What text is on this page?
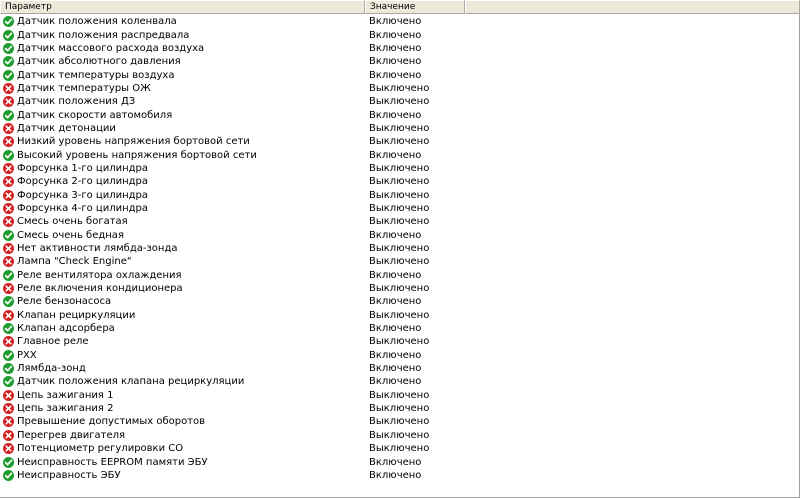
Параметр	Значение
Датчик положения коленвала	Включено
Датчик положения распредвала	Включено
Датчик массового расхода воздуха	Включено
Датчик абсолютного давления	Включено
Датчик температуры воздуха	Включено
Датчик температуры ОЖ	Выключено
Датчик положения ДЗ	Выключено
Датчик скорости автомобиля	Включено
Датчик детонации	Выключено
Низкий уровень напряжения бортовой сети	Выключено
Высокий уровень напряжения бортовой сети	Включено
Форсунка 1-го цилиндра	Выключено
Форсунка 2-го цилиндра	Выключено
Форсунка 3-го цилиндра	Выключено
Форсунка 4-го цилиндра	Выключено
Смесь очень богатая	Выключено
Смесь очень бедная	Включено
Нет активности лямбда-зонда	Выключено
Лампа "Check Engine"	Выключено
Реле вентилятора охлаждения	Включено
Реле включения кондиционера	Выключено
Реле бензонасоса	Включено
Клапан рециркуляции	Выключено
Клапан адсорбера	Включено
Главное реле	Выключено
РХХ	Включено
Лямбда-зонд	Включено
Датчик положения клапана рециркуляции	Включено
Цепь зажигания 1	Выключено
Цепь зажигания 2	Выключено
Превышение допустимых оборотов	Выключено
Перегрев двигателя	Выключено
Потенциометр регулировки СО	Выключено
Неисправность EEPROM памяти ЭБУ	Включено
Неисправность ЭБУ	Включено
